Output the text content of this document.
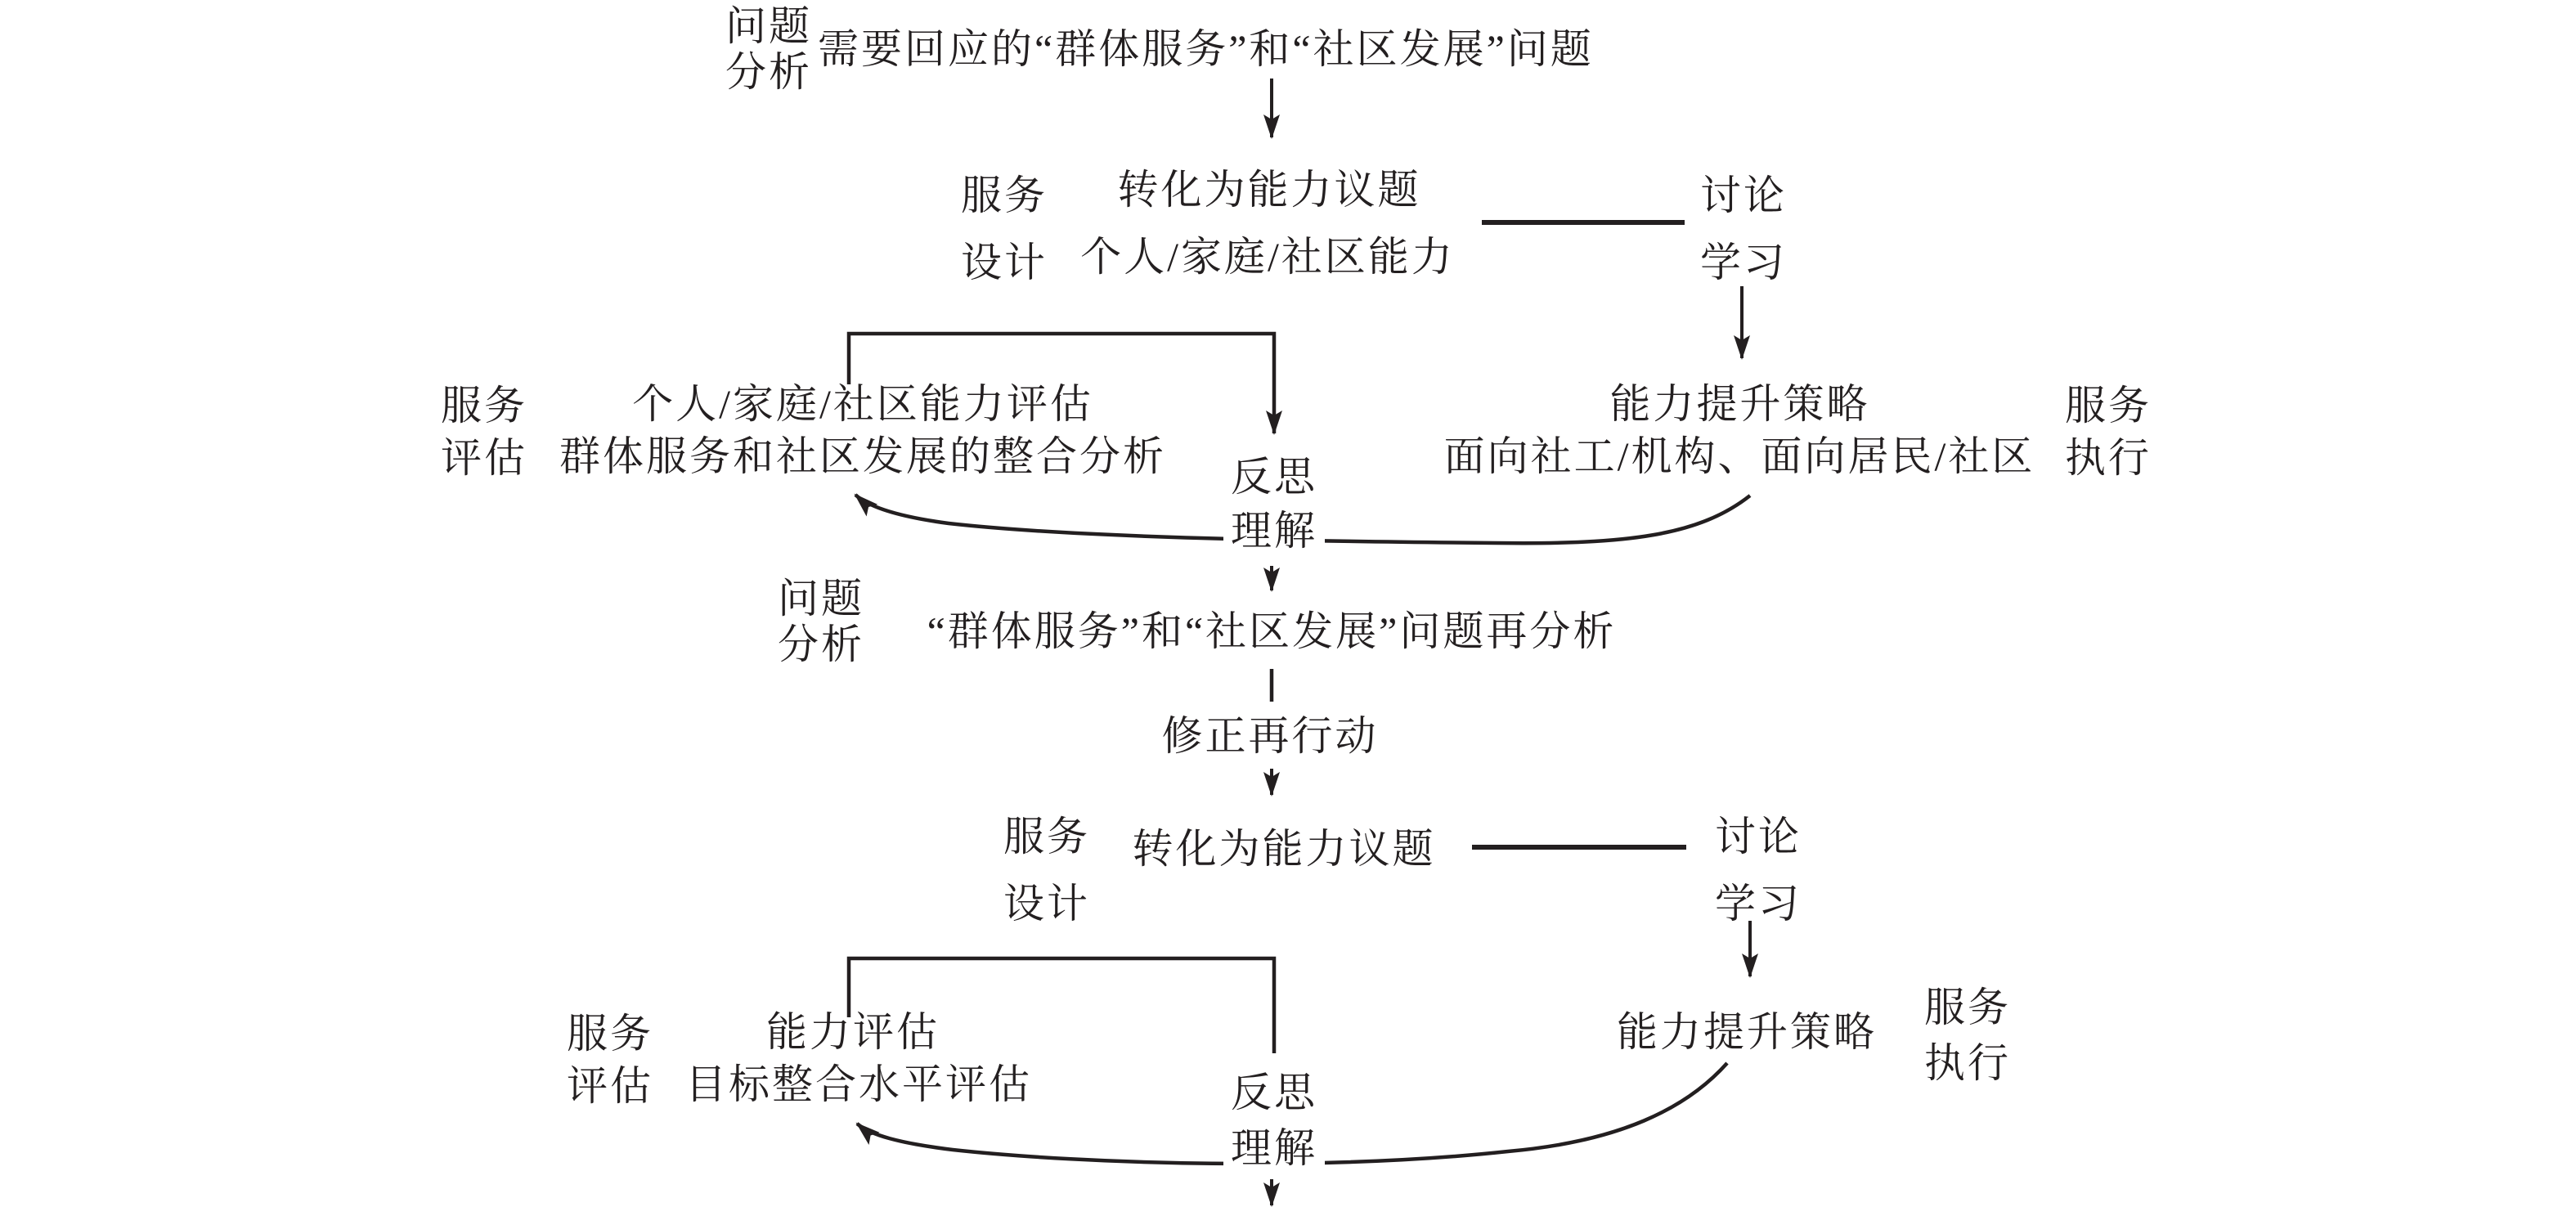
问题
分析 需要回应的“群体服务”和“社区发展”问题
服务
设计
转化为能力议题
个人/家庭/社区能力
讨论
学习
服务
评估
个人/家庭/社区能力评估
群体服务和社区发展的整合分析	反思
理解
能力提升策略
面向社工/机构、面向居民/社区
服务
执行
问题
分析	“群体服务”和“社区发展”问题再分析
修正再行动
服务
设计
转化为能力议题	讨论
学习
服务
评估
能力评估
目标整合水平评估	反思
理解
能力提升策略
服务
执行
